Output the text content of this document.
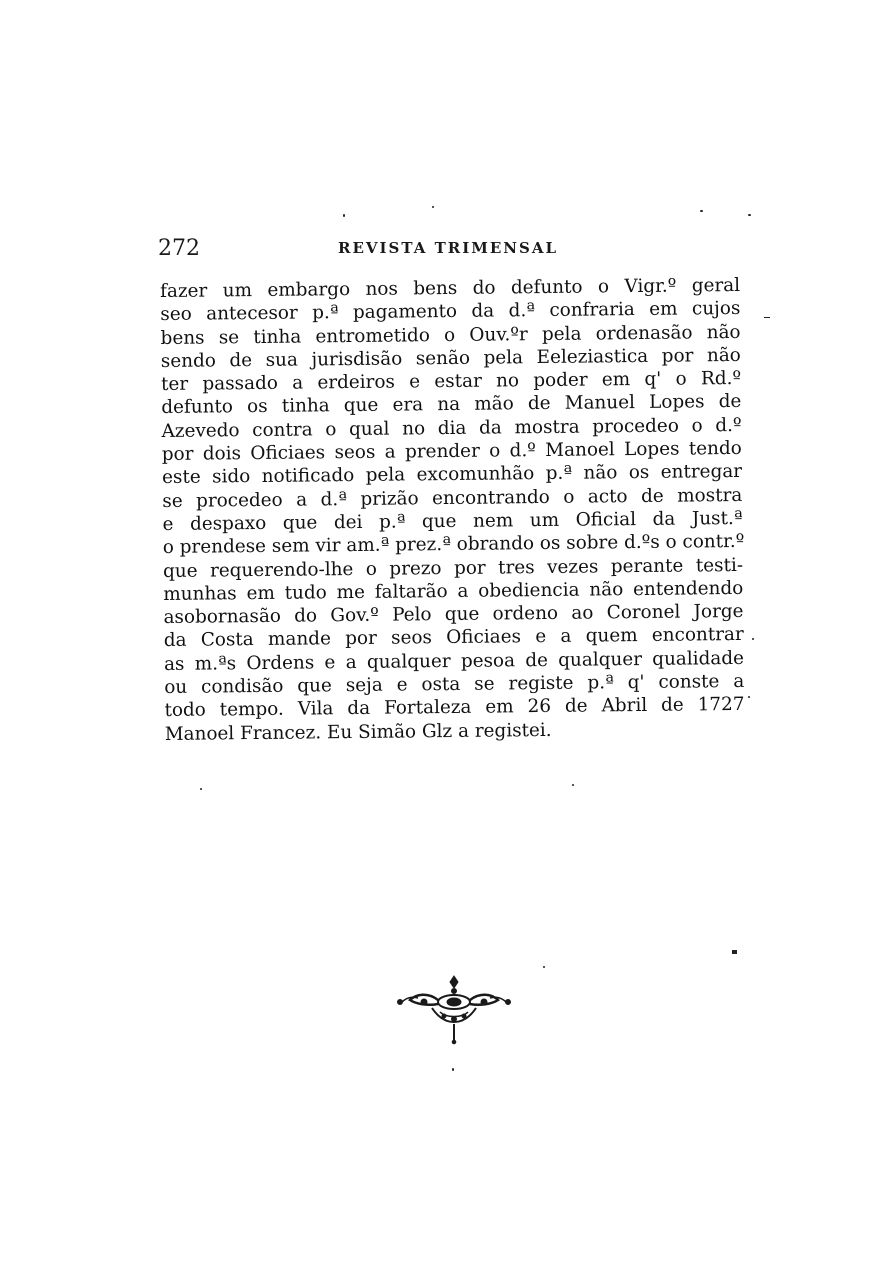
272	REVISTA TRIMENSAL
fazer um embargo nos bens do defunto o Vigr.º geral
seo antecesor p.ª pagamento da d.ª confraria em cujos
bens se tinha entrometido o Ouv.ºr pela ordenasão não
sendo de sua jurisdisão senão pela Eeleziastica por não
ter passado a erdeiros e estar no poder em q' o Rd.º
defunto os tinha que era na mão de Manuel Lopes de
Azevedo contra o qual no dia da mostra procedeo o d.º
por dois Oficiaes seos a prender o d.º Manoel Lopes tendo
este sido notificado pela excomunhão p.ª não os entregar
se procedeo a d.ª prizão encontrando o acto de mostra
e despaxo que dei p.ª que nem um Oficial da Just.ª
o prendese sem vir am.ª prez.ª obrando os sobre d.ºs o contr.º
que requerendo-lhe o prezo por tres vezes perante testi-
munhas em tudo me faltarão a obediencia não entendendo
asobornasão do Gov.º Pelo que ordeno ao Coronel Jorge
da Costa mande por seos Oficiaes e a quem encontrar
as m.ªs Ordens e a qualquer pesoa de qualquer qualidade
ou condisão que seja e osta se registe p.ª q' conste a
todo tempo. Vila da Fortaleza em 26 de Abril de 1727
Manoel Francez. Eu Simão Glz a registei.
